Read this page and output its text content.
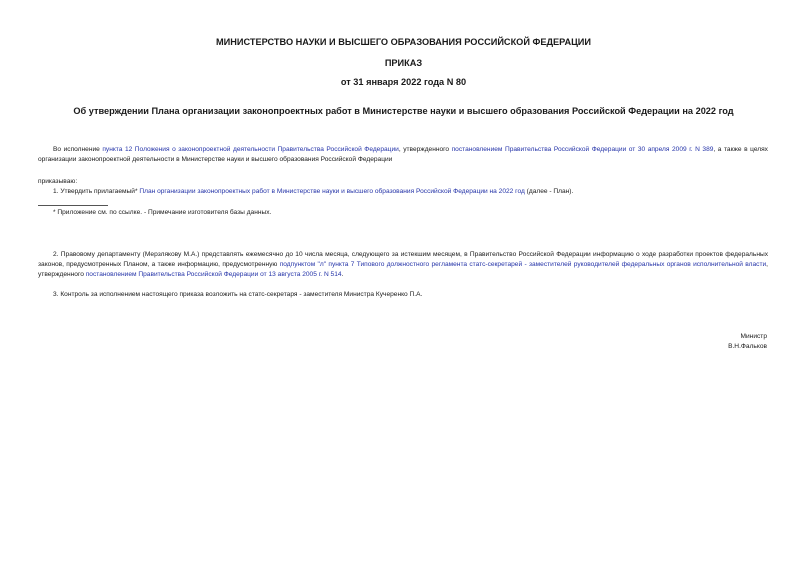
МИНИСТЕРСТВО НАУКИ И ВЫСШЕГО ОБРАЗОВАНИЯ РОССИЙСКОЙ ФЕДЕРАЦИИ
ПРИКАЗ
от 31 января 2022 года N 80
Об утверждении Плана организации законопроектных работ в Министерстве науки и высшего образования Российской Федерации на 2022 год
Во исполнение пункта 12 Положения о законопроектной деятельности Правительства Российской Федерации, утвержденного постановлением Правительства Российской Федерации от 30 апреля 2009 г. N 389, а также в целях организации законопроектной деятельности в Министерстве науки и высшего образования Российской Федерации
приказываю:
1. Утвердить прилагаемый* План организации законопроектных работ в Министерстве науки и высшего образования Российской Федерации на 2022 год (далее - План).
* Приложение см. по ссылке. - Примечание изготовителя базы данных.
2. Правовому департаменту (Мерзлякову М.А.) представлять ежемесячно до 10 числа месяца, следующего за истекшим месяцем, в Правительство Российской Федерации информацию о ходе разработки проектов федеральных законов, предусмотренных Планом, а также информацию, предусмотренную подпунктом "л" пункта 7 Типового должностного регламента статс-секретарей - заместителей руководителей федеральных органов исполнительной власти, утвержденного постановлением Правительства Российской Федерации от 13 августа 2005 г. N 514.
3. Контроль за исполнением настоящего приказа возложить на статс-секретаря - заместителя Министра Кучеренко П.А.
Министр
В.Н.Фальков
